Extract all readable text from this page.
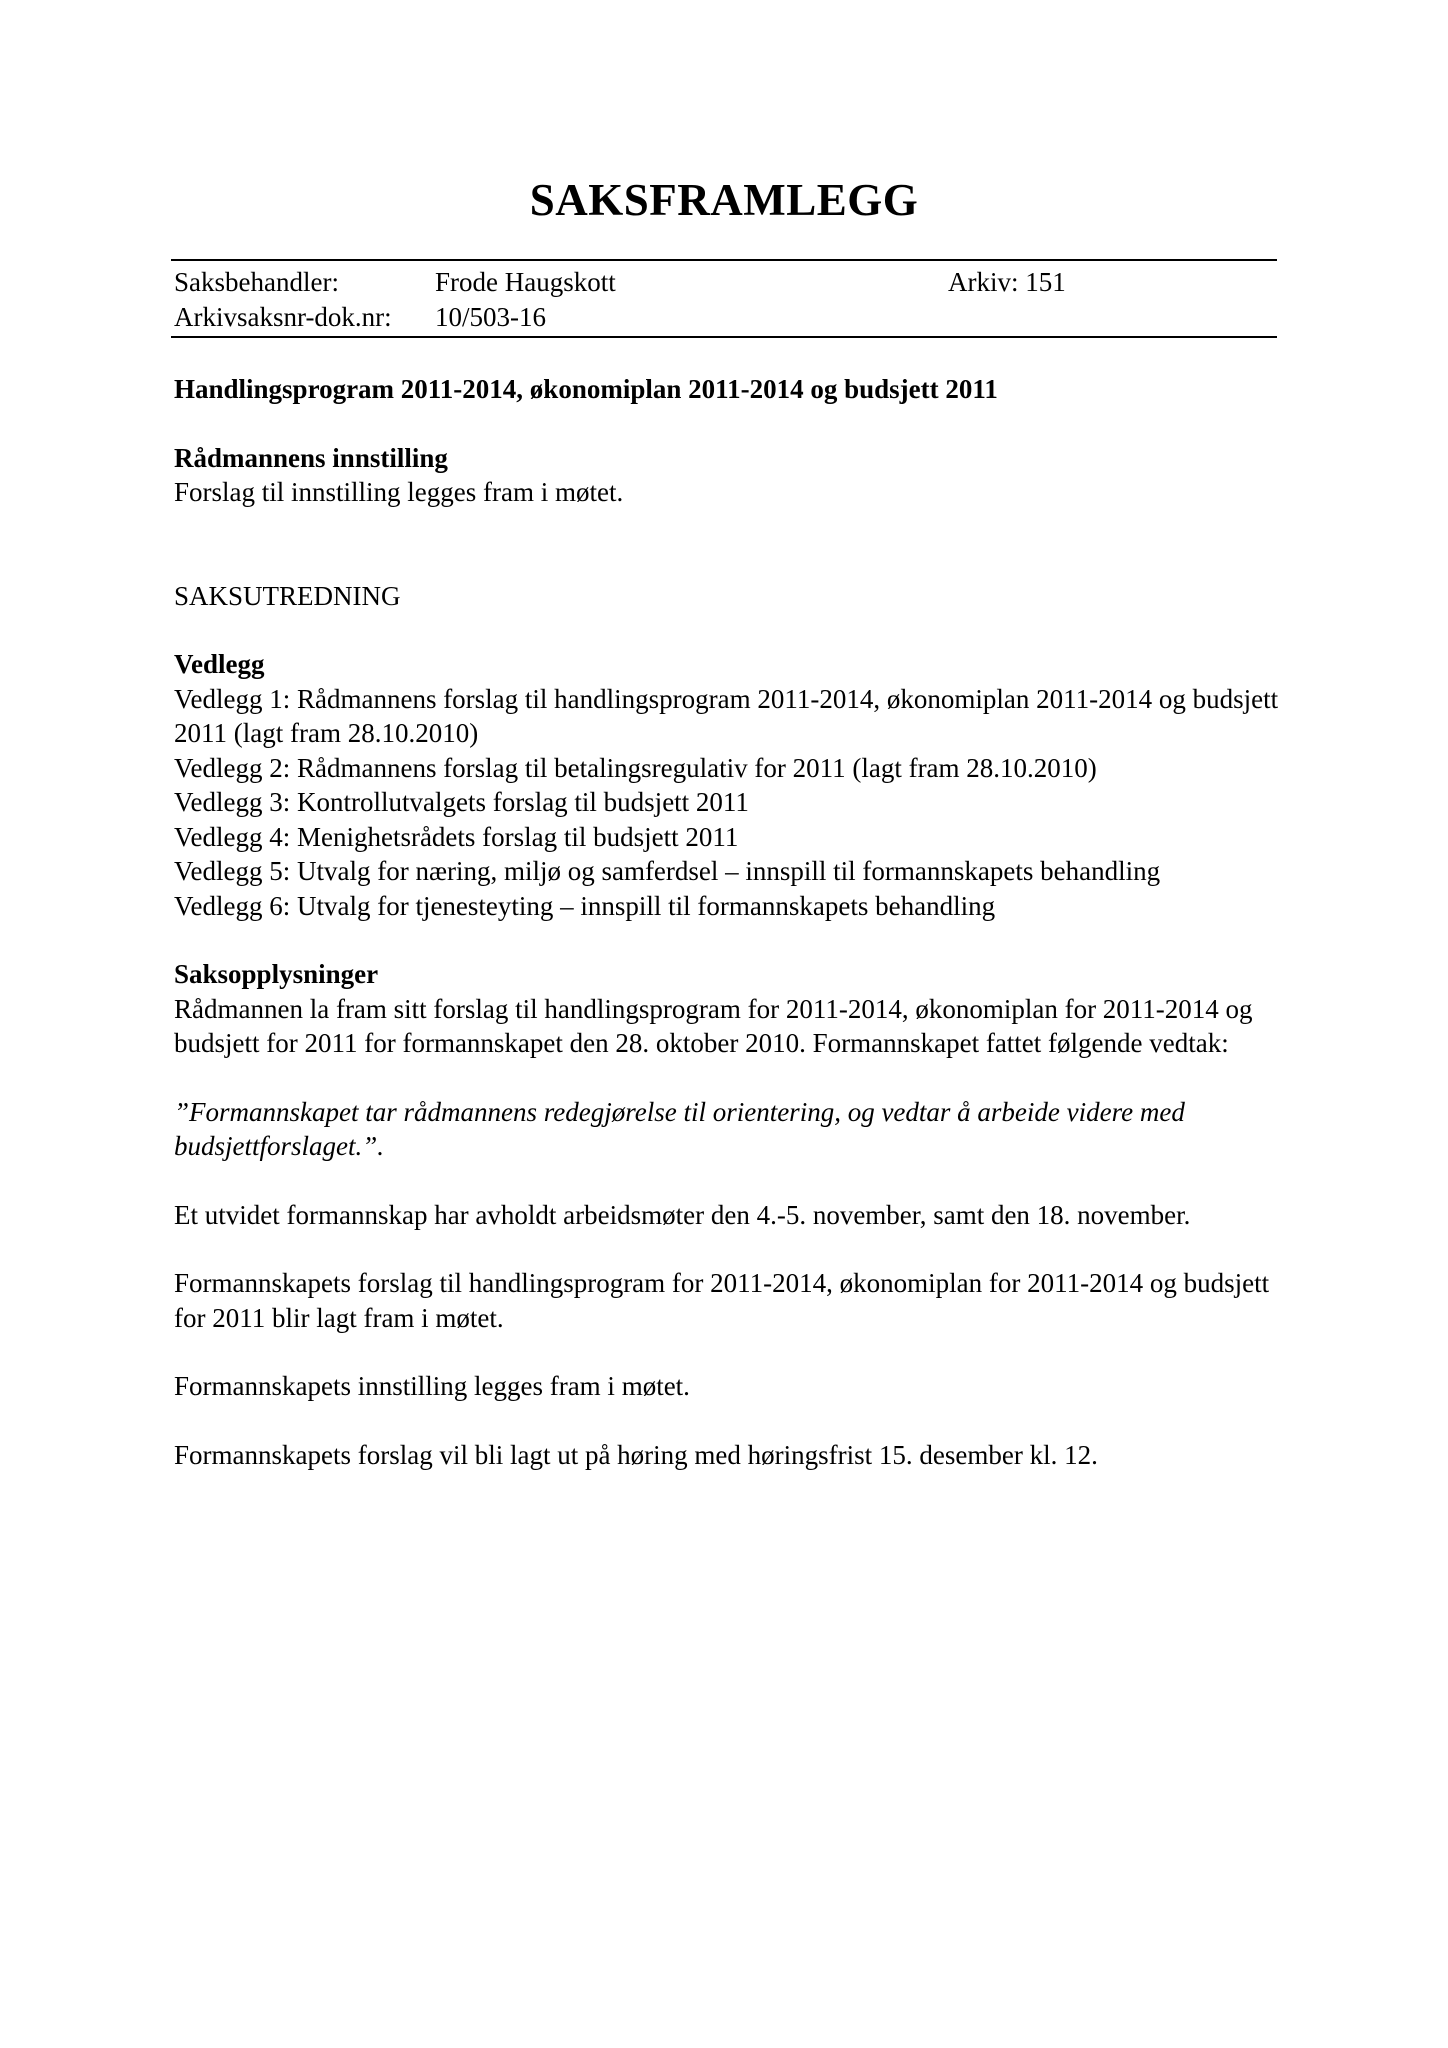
SAKSFRAMLEGG
Saksbehandler:	Frode Haugskott	Arkiv: 151
Arkivsaksnr-dok.nr: 10/503-16

Handlingsprogram 2011-2014, økonomiplan 2011-2014 og budsjett 2011

Rådmannens innstilling

Forslag til innstilling legges fram i møtet.

SAKSUTREDNING

Vedlegg

Vedlegg 1: Rådmannens forslag til handlingsprogram 2011-2014, økonomiplan 2011-2014 og budsjett 2011 (lagt fram 28.10.2010)

Vedlegg 2: Rådmannens forslag til betalingsregulativ for 2011 (lagt fram 28.10.2010)

Vedlegg 3: Kontrollutvalgets forslag til budsjett 2011

Vedlegg 4: Menighetsrådets forslag til budsjett 2011

Vedlegg 5: Utvalg for næring, miljø og samferdsel – innspill til formannskapets behandling

Vedlegg 6: Utvalg for tjenesteyting – innspill til formannskapets behandling

Saksopplysninger

Rådmannen la fram sitt forslag til handlingsprogram for 2011-2014, økonomiplan for 2011-2014 og budsjett for 2011 for formannskapet den 28. oktober 2010. Formannskapet fattet følgende vedtak:

”Formannskapet tar rådmannens redegjørelse til orientering, og vedtar å arbeide videre med budsjettforslaget.”.

Et utvidet formannskap har avholdt arbeidsmøter den 4.-5. november, samt den 18. november.

Formannskapets forslag til handlingsprogram for 2011-2014, økonomiplan for 2011-2014 og budsjett for 2011 blir lagt fram i møtet.

Formannskapets innstilling legges fram i møtet.

Formannskapets forslag vil bli lagt ut på høring med høringsfrist 15. desember kl. 12.
